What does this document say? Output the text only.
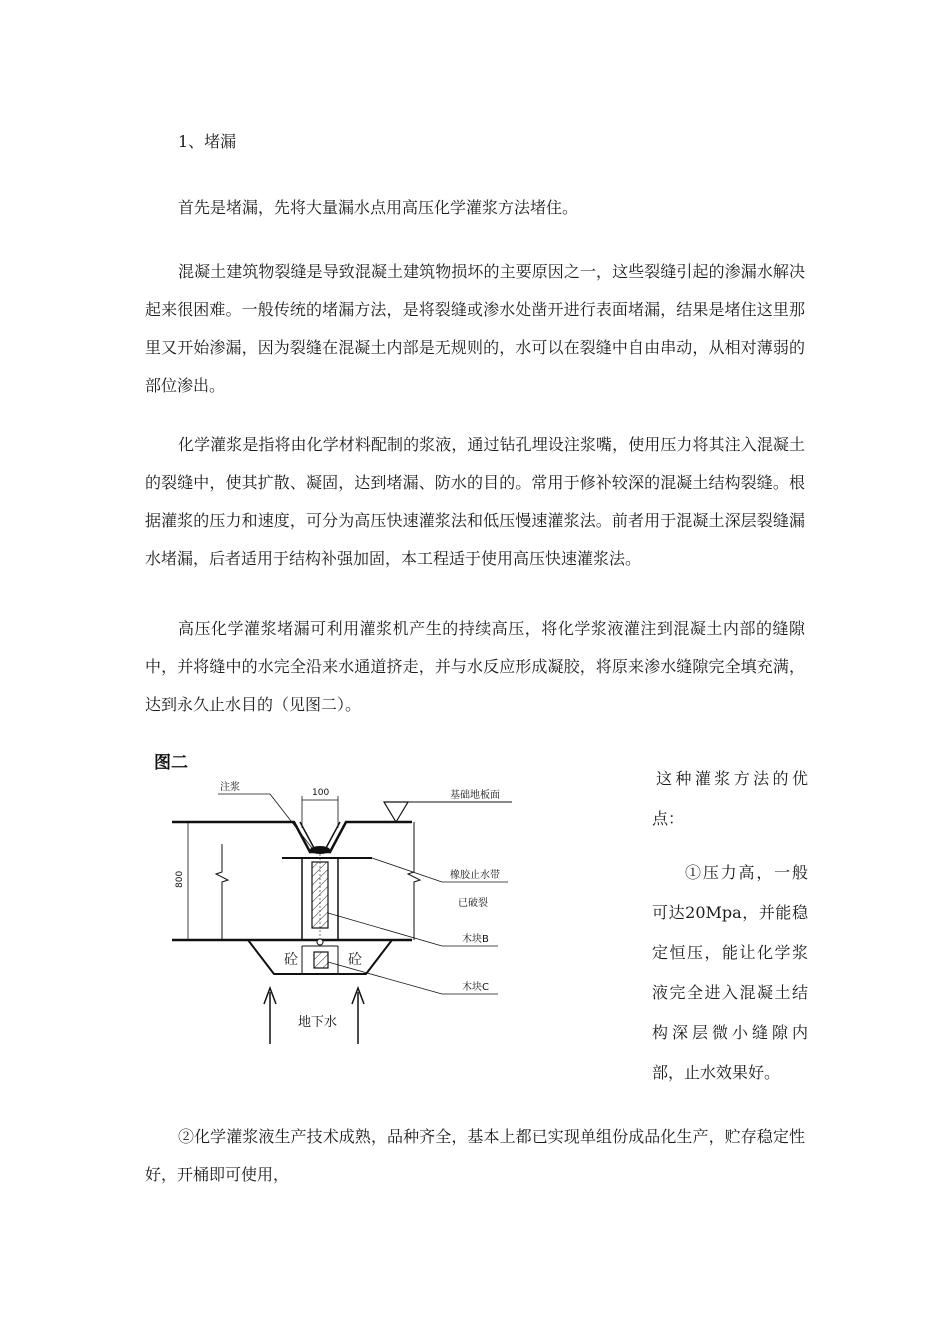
1、堵漏

首先是堵漏，先将大量漏水点用高压化学灌浆方法堵住。

混凝土建筑物裂缝是导致混凝土建筑物损坏的主要原因之一，这些裂缝引起的渗漏水解决起来很困难。一般传统的堵漏方法，是将裂缝或渗水处凿开进行表面堵漏，结果是堵住这里那里又开始渗漏，因为裂缝在混凝土内部是无规则的，水可以在裂缝中自由串动，从相对薄弱的部位渗出。

化学灌浆是指将由化学材料配制的浆液，通过钻孔埋设注浆嘴，使用压力将其注入混凝土的裂缝中，使其扩散、凝固，达到堵漏、防水的目的。常用于修补较深的混凝土结构裂缝。根据灌浆的压力和速度，可分为高压快速灌浆法和低压慢速灌浆法。前者用于混凝土深层裂缝漏水堵漏，后者适用于结构补强加固，本工程适于使用高压快速灌浆法。

高压化学灌浆堵漏可利用灌浆机产生的持续高压，将化学浆液灌注到混凝土内部的缝隙中，并将缝中的水完全沿来水通道挤走，并与水反应形成凝胶，将原来渗水缝隙完全填充满，达到永久止水目的（见图二）。

图二
基础地板面
100
注浆
800
砼	砼
橡胶止水带
已破裂
木块B
木块C
地下水

这种灌浆方法的优点：

①压力高，一般可达20Mpa，并能稳定恒压，能让化学浆液完全进入混凝土结构深层微小缝隙内部，止水效果好。

②化学灌浆液生产技术成熟，品种齐全，基本上都已实现单组份成品化生产，贮存稳定性好，开桶即可使用，
